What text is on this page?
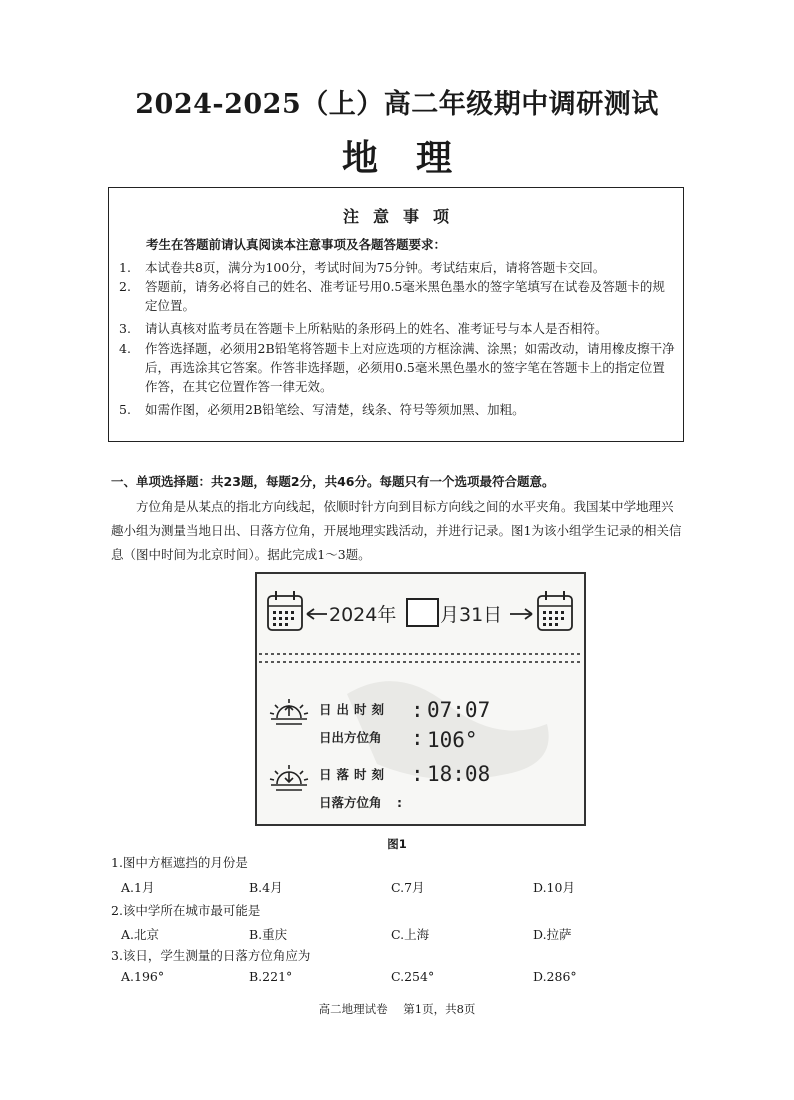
2024-2025（上）高二年级期中调研测试
地理
注意事项
考生在答题前请认真阅读本注意事项及各题答题要求：
1.	本试卷共8页，满分为100分，考试时间为75分钟。考试结束后，请将答题卡交回。
2.	答题前，请务必将自己的姓名、准考证号用0.5毫米黑色墨水的签字笔填写在试卷及答题卡的规定位置。
3.	请认真核对监考员在答题卡上所粘贴的条形码上的姓名、准考证号与本人是否相符。
4.	作答选择题，必须用2B铅笔将答题卡上对应选项的方框涂满、涂黑；如需改动，请用橡皮擦干净后，再选涂其它答案。作答非选择题，必须用0.5毫米黑色墨水的签字笔在答题卡上的指定位置作答，在其它位置作答一律无效。
5.	如需作图，必须用2B铅笔绘、写清楚，线条、符号等须加黑、加粗。
一、单项选择题：共23题，每题2分，共46分。每题只有一个选项最符合题意。
方位角是从某点的指北方向线起，依顺时针方向到目标方向线之间的水平夹角。我国某中学地理兴趣小组为测量当地日出、日落方位角，开展地理实践活动，并进行记录。图1为该小组学生记录的相关信息（图中时间为北京时间）。据此完成1～3题。
2024年 月31日
日出时刻 : 07:07
日出方位角 : 106°
日落时刻 : 18:08
日落方位角 :
图1
1.图中方框遮挡的月份是
A.1月	B.4月	C.7月	D.10月
2.该中学所在城市最可能是
A.北京	B.重庆	C.上海	D.拉萨
3.该日，学生测量的日落方位角应为
A.196°	B.221°	C.254°	D.286°
高二地理试卷 第1页，共8页
